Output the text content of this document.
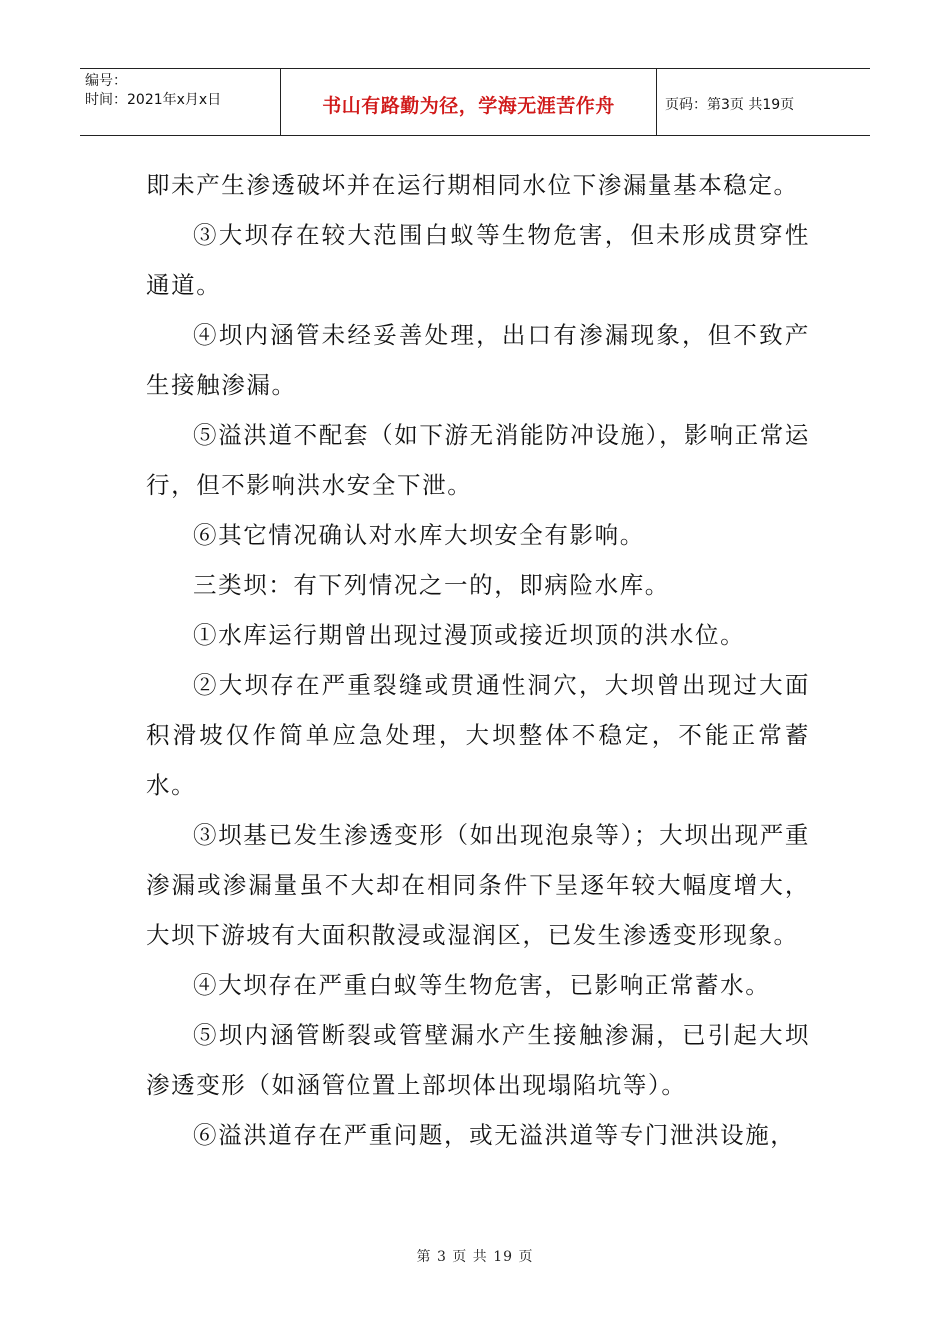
编号：
时间：2021年x月x日	书山有路勤为径，学海无涯苦作舟	页码：第3页 共19页

即未产生渗透破坏并在运行期相同水位下渗漏量基本稳定。

③大坝存在较大范围白蚁等生物危害，但未形成贯穿性通道。

④坝内涵管未经妥善处理，出口有渗漏现象，但不致产生接触渗漏。

⑤溢洪道不配套（如下游无消能防冲设施），影响正常运行，但不影响洪水安全下泄。

⑥其它情况确认对水库大坝安全有影响。

三类坝：有下列情况之一的，即病险水库。

①水库运行期曾出现过漫顶或接近坝顶的洪水位。

②大坝存在严重裂缝或贯通性洞穴，大坝曾出现过大面积滑坡仅作简单应急处理，大坝整体不稳定，不能正常蓄水。

③坝基已发生渗透变形（如出现泡泉等）；大坝出现严重渗漏或渗漏量虽不大却在相同条件下呈逐年较大幅度增大，大坝下游坡有大面积散浸或湿润区，已发生渗透变形现象。

④大坝存在严重白蚁等生物危害，已影响正常蓄水。

⑤坝内涵管断裂或管壁漏水产生接触渗漏，已引起大坝渗透变形（如涵管位置上部坝体出现塌陷坑等）。

⑥溢洪道存在严重问题，或无溢洪道等专门泄洪设施，

第 3 页 共 19 页
